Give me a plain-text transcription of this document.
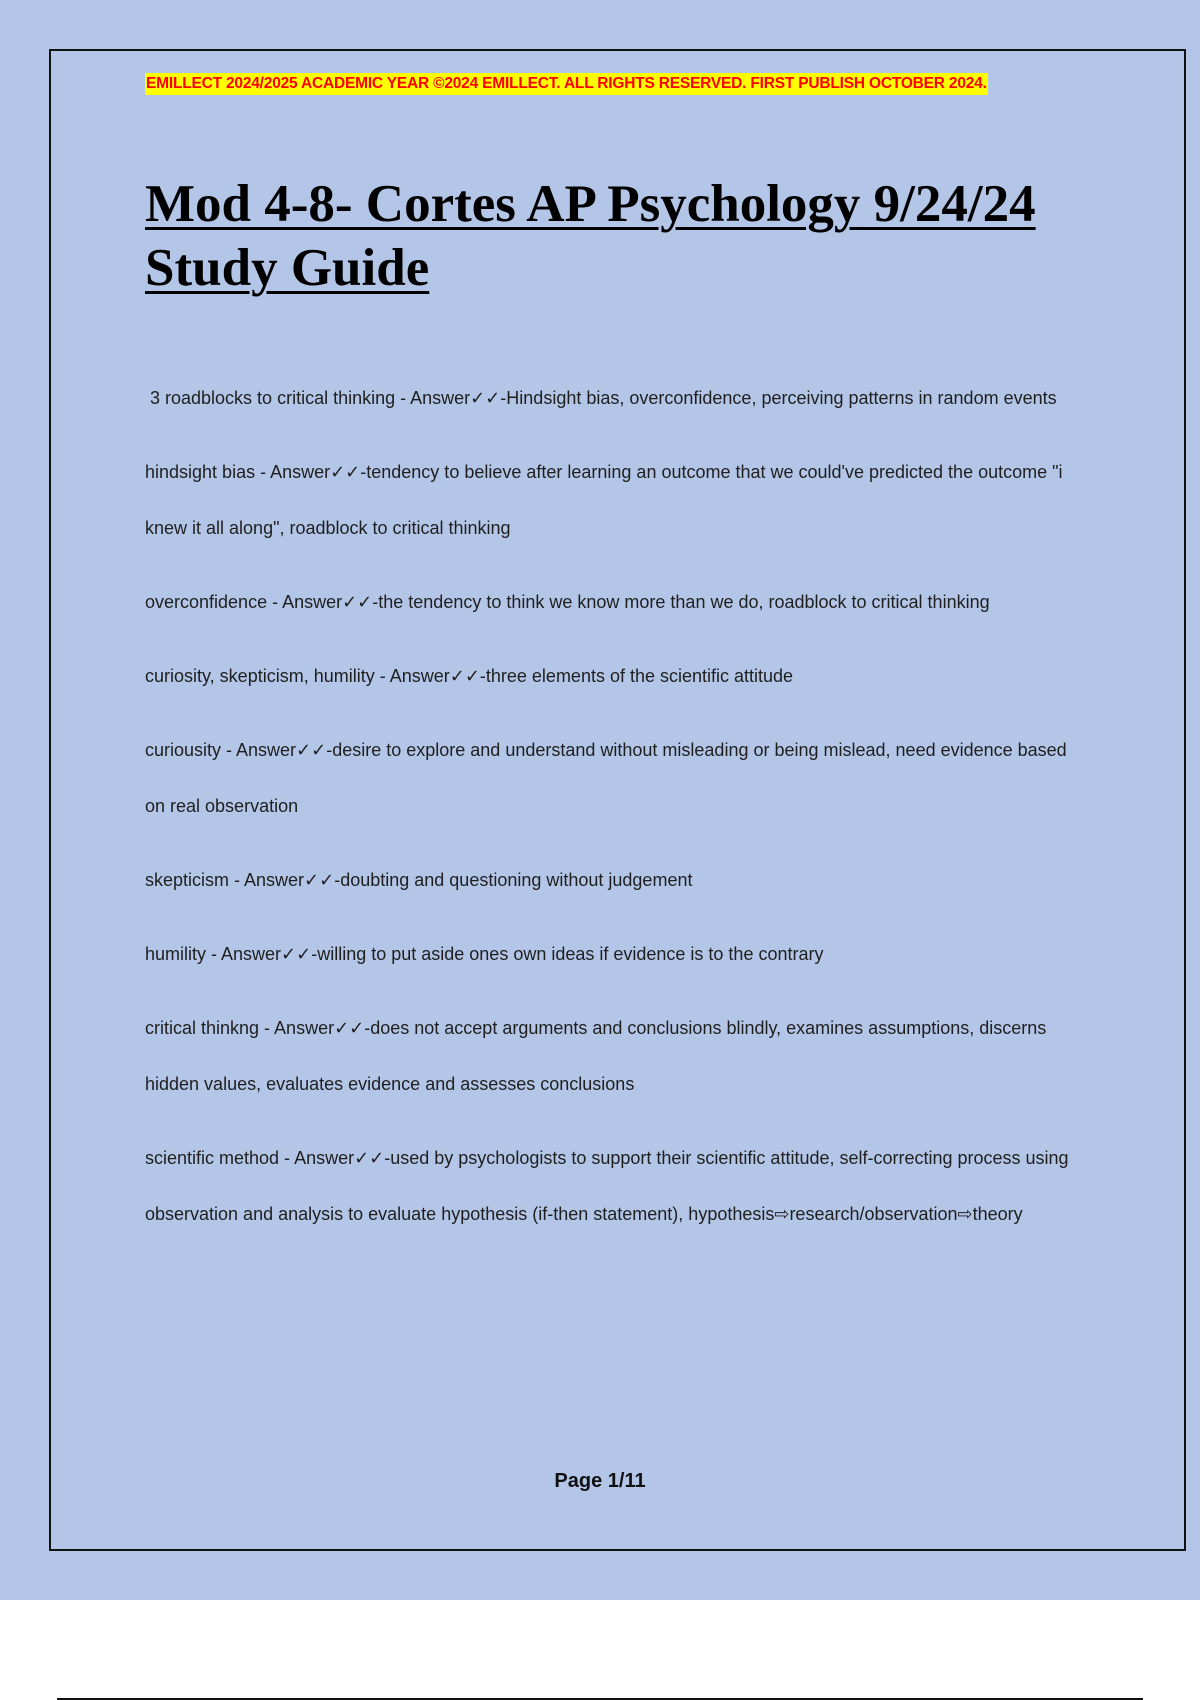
EMILLECT 2024/2025 ACADEMIC YEAR ©2024 EMILLECT. ALL RIGHTS RESERVED. FIRST PUBLISH OCTOBER 2024.
Mod 4-8- Cortes AP Psychology 9/24/24 Study Guide

3 roadblocks to critical thinking - Answer✓✓-Hindsight bias, overconfidence, perceiving patterns in random events

hindsight bias - Answer✓✓-tendency to believe after learning an outcome that we could've predicted the outcome "i knew it all along", roadblock to critical thinking

overconfidence - Answer✓✓-the tendency to think we know more than we do, roadblock to critical thinking

curiosity, skepticism, humility - Answer✓✓-three elements of the scientific attitude

curiousity - Answer✓✓-desire to explore and understand without misleading or being mislead, need evidence based on real observation

skepticism - Answer✓✓-doubting and questioning without judgement

humility - Answer✓✓-willing to put aside ones own ideas if evidence is to the contrary

critical thinkng - Answer✓✓-does not accept arguments and conclusions blindly, examines assumptions, discerns hidden values, evaluates evidence and assesses conclusions

scientific method - Answer✓✓-used by psychologists to support their scientific attitude, self-correcting process using observation and analysis to evaluate hypothesis (if-then statement), hypothesis⇨research/observation⇨theory

Page 1/11
